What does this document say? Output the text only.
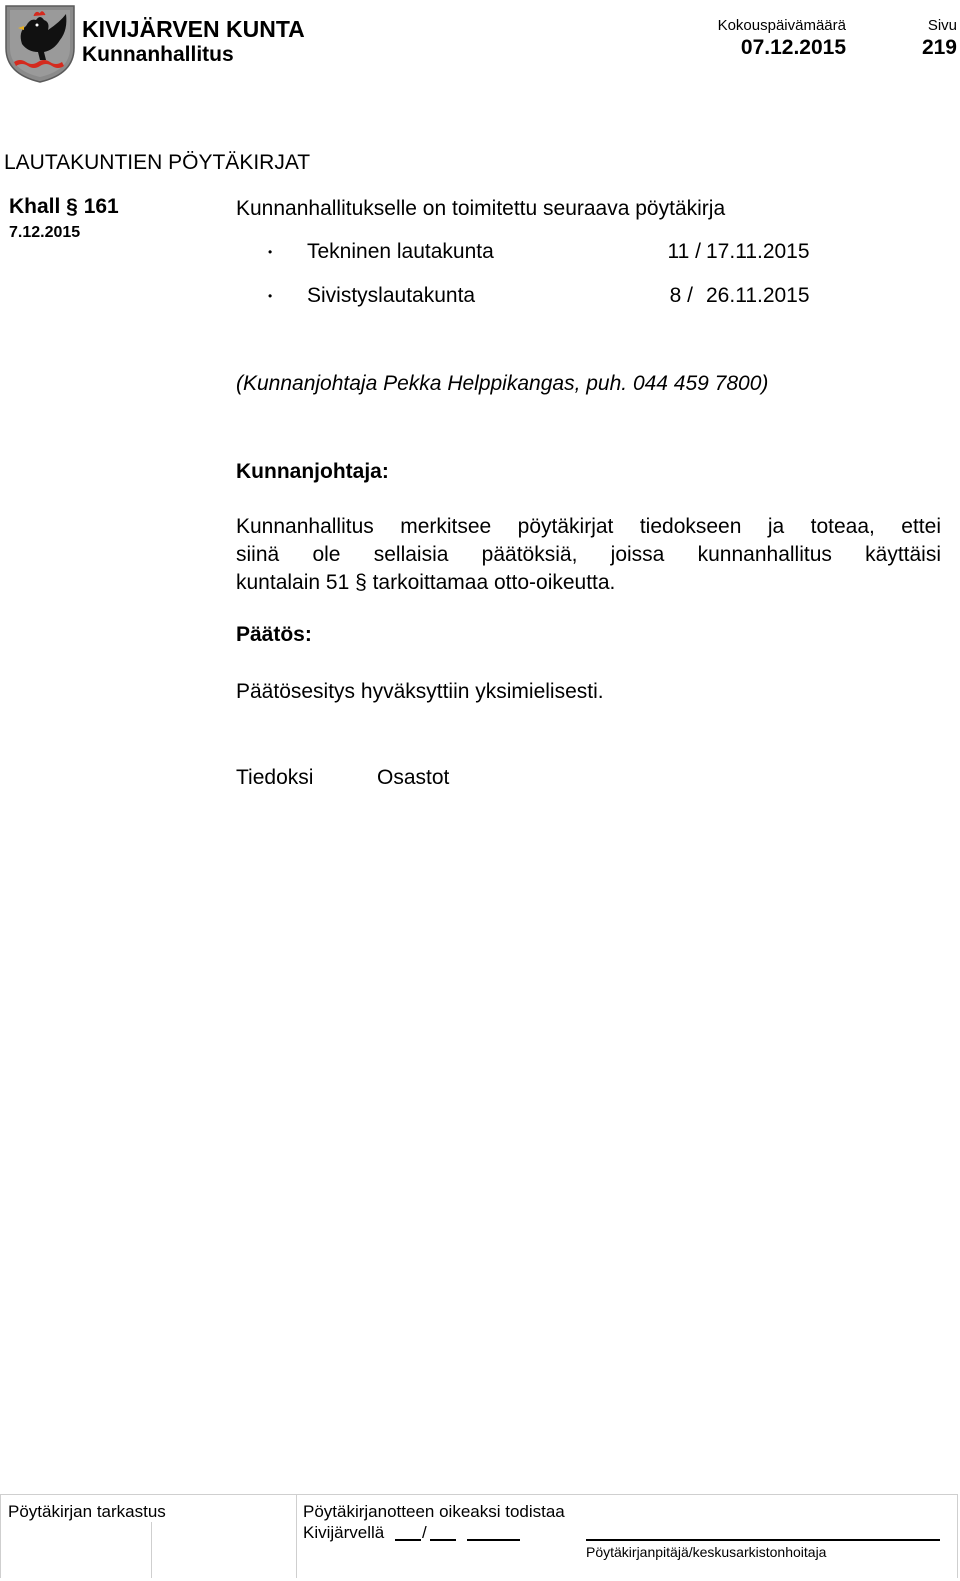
KIVIJÄRVEN KUNTA
Kunnanhallitus
Kokouspäivämäärä
07.12.2015
Sivu
219
LAUTAKUNTIEN PÖYTÄKIRJAT
Khall § 161
7.12.2015
Kunnanhallitukselle on toimitettu seuraava pöytäkirja
• Tekninen lautakunta	11 / 17.11.2015
• Sivistyslautakunta	8 / 26.11.2015
(Kunnanjohtaja Pekka Helppikangas, puh. 044 459 7800)
Kunnanjohtaja:
Kunnanhallitus merkitsee pöytäkirjat tiedokseen ja toteaa, ettei
siinä ole sellaisia päätöksiä, joissa kunnanhallitus käyttäisi
kuntalain 51 § tarkoittamaa otto-oikeutta.
Päätös:
Päätösesitys hyväksyttiin yksimielisesti.
Tiedoksi	Osastot
Pöytäkirjan tarkastus	Pöytäkirjanotteen oikeaksi todistaa
Kivijärvellä /
Pöytäkirjanpitäjä/keskusarkistonhoitaja
